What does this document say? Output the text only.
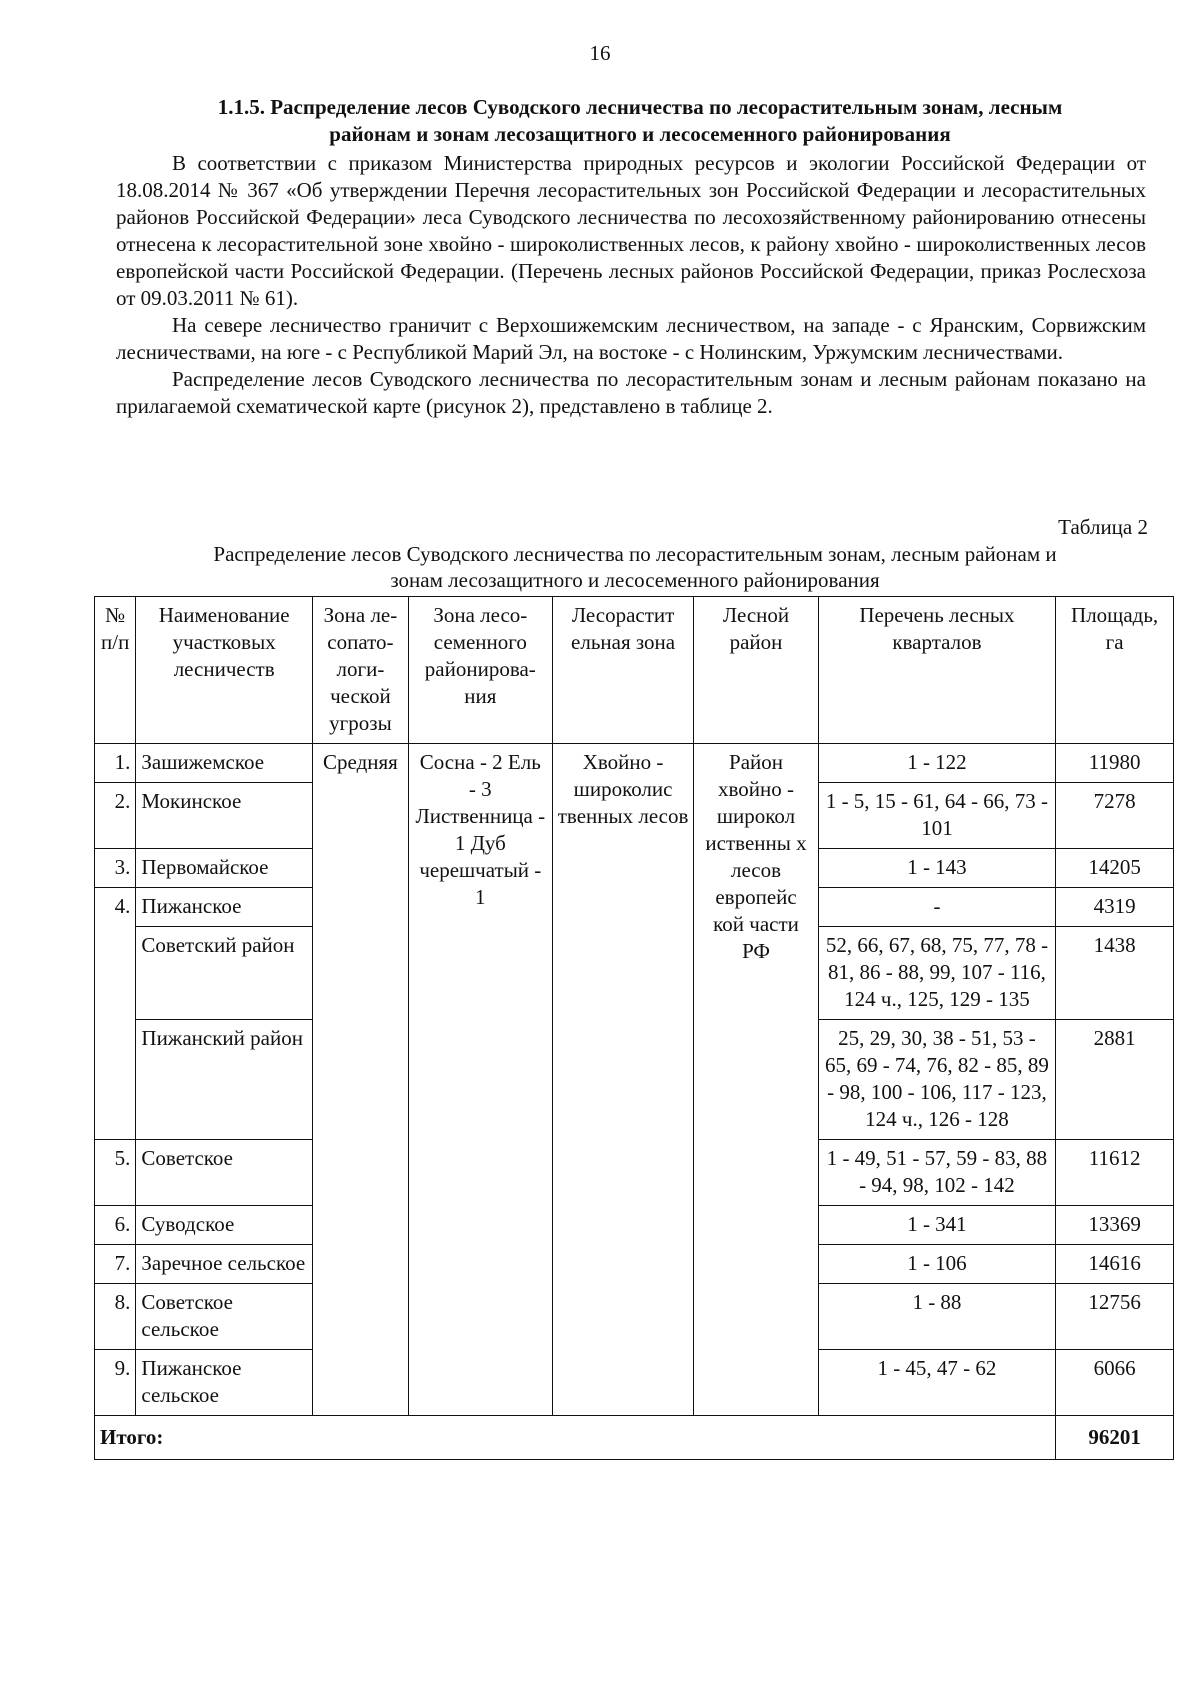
16
1.1.5. Распределение лесов Суводского лесничества по лесорастительным зонам, лесным
районам и зонам лесозащитного и лесосеменного районирования

В соответствии с приказом Министерства природных ресурсов и экологии Российской Федерации от 18.08.2014 № 367 «Об утверждении Перечня лесорастительных зон Российской Федерации и лесорастительных районов Российской Федерации» леса Суводского лесничества по лесохозяйственному районированию отнесены отнесена к лесорастительной зоне хвойно - широколиственных лесов, к району хвойно - широколиственных лесов европейской части Российской Федерации. (Перечень лесных районов Российской Федерации, приказ Рослесхоза от 09.03.2011 № 61).

На севере лесничество граничит с Верхошижемским лесничеством, на западе - с Яранским, Сорвижским лесничествами, на юге - с Республикой Марий Эл, на востоке - с Нолинским, Уржумским лесничествами.

Распределение лесов Суводского лесничества по лесорастительным зонам и лесным районам показано на прилагаемой схематической карте (рисунок 2), представлено в таблице 2.

Таблица 2
Распределение лесов Суводского лесничества по лесорастительным зонам, лесным районам и
зонам лесозащитного и лесосеменного районирования
№ п/п	Наименование участковых лесничеств	Зона ле-сопато-логи-ческой угрозы	Зона лесо-семенного районирова-ния	Лесорастит ельная зона	Лесной район	Перечень лесных кварталов	Площадь, га
1.	Зашижемское	Средняя	Сосна - 2 Ель - 3 Лиственница - 1 Дуб черешчатый - 1	Хвойно - широколис твенных лесов	Район хвойно - широкол иственны х лесов европейс кой части РФ	1 - 122	11980
2.	Мокинское					1 - 5, 15 - 61, 64 - 66, 73 - 101	7278
3.	Первомайское					1 - 143	14205
4.	Пижанское					-	4319
	Советский район					52, 66, 67, 68, 75, 77, 78 - 81, 86 - 88, 99, 107 - 116, 124 ч., 125, 129 - 135	1438
	Пижанский район					25, 29, 30, 38 - 51, 53 - 65, 69 - 74, 76, 82 - 85, 89 - 98, 100 - 106, 117 - 123, 124 ч., 126 - 128	2881
5.	Советское					1 - 49, 51 - 57, 59 - 83, 88 - 94, 98, 102 - 142	11612
6.	Суводское					1 - 341	13369
7.	Заречное сельское					1 - 106	14616
8.	Советское сельское					1 - 88	12756
9.	Пижанское сельское					1 - 45, 47 - 62	6066
Итого:							96201
